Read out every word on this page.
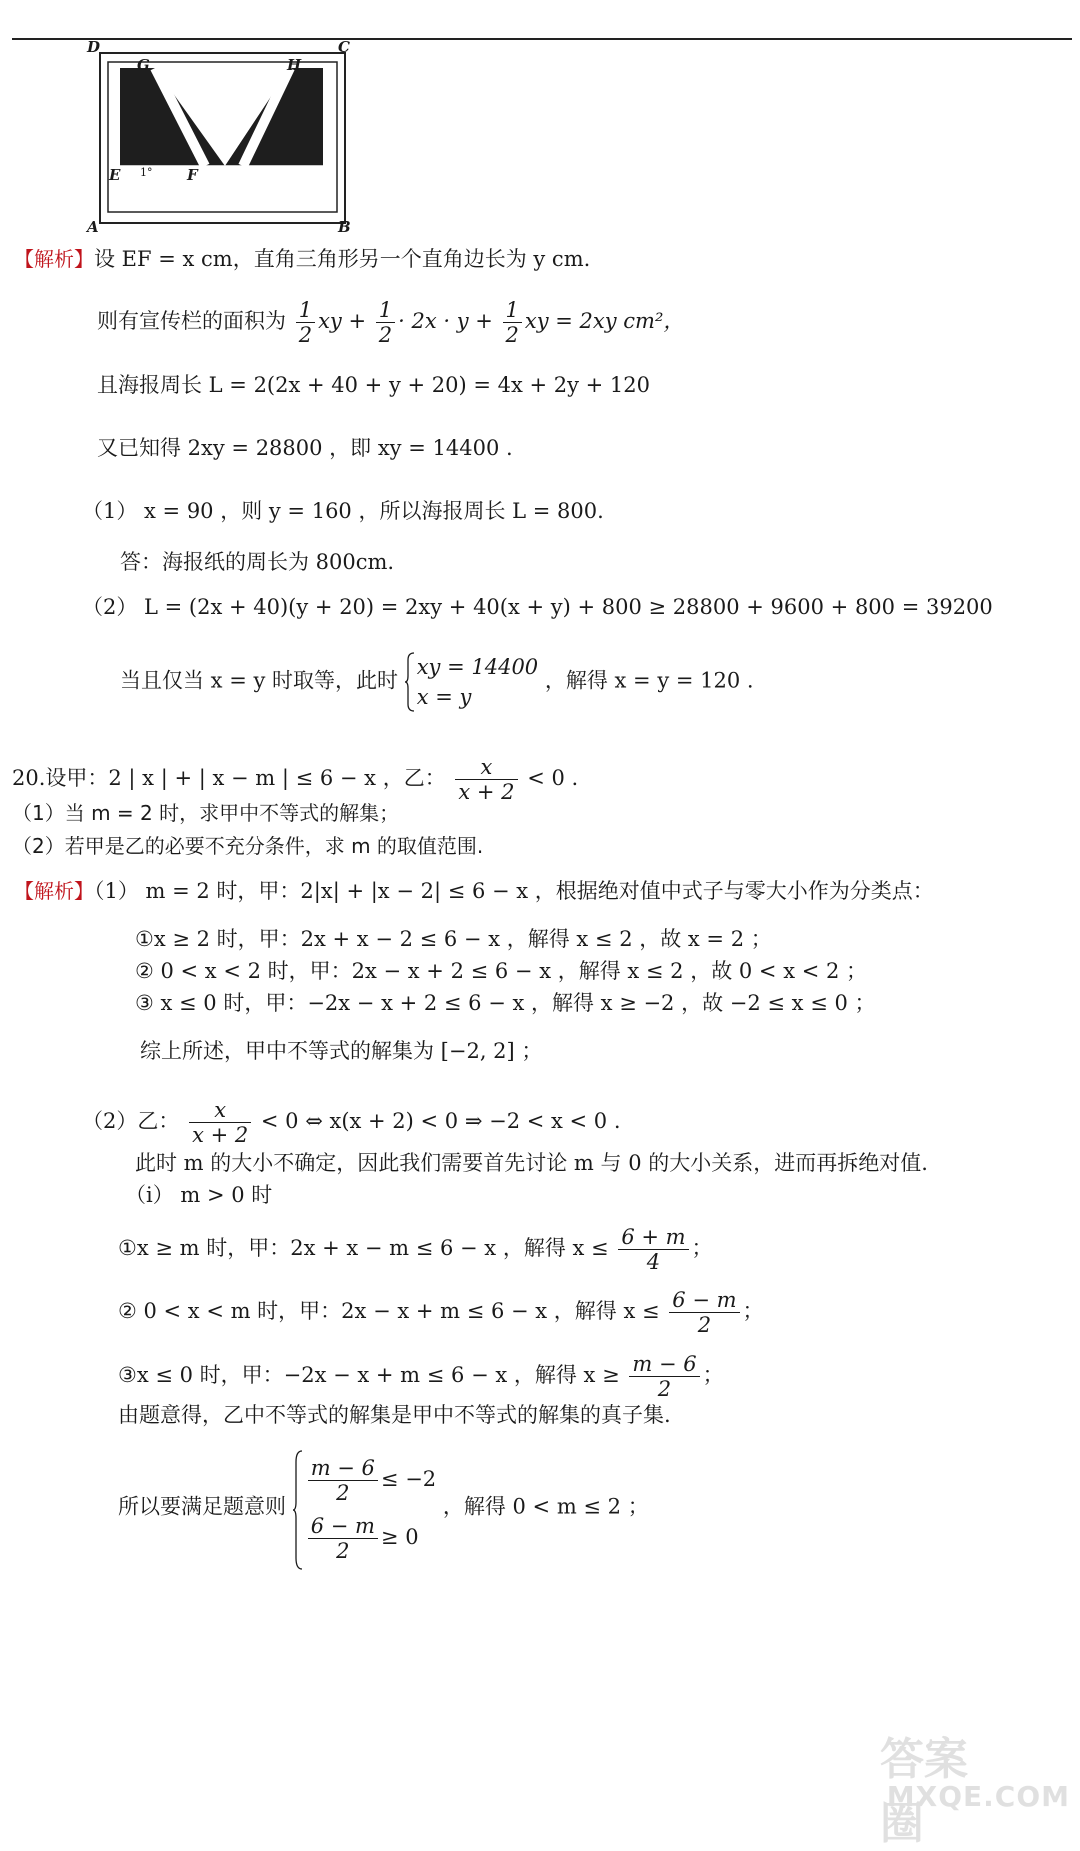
D	C
G	H
E 1° F
A	B
【解析】设 EF = x cm，直角三角形另一个直角边长为 y cm.
则有宣传栏的面积为 $\frac{1}{2}$ xy + $\frac{1}{2} \cdot 2x \cdot y + \frac{1}{2}$ xy = 2xy cm²，
且海报周长 L = 2(2x + 40 + y + 20) = 4x + 2y + 120
又已知得 2xy = 28800 ，即 xy = 14400 .
（1） x = 90 ，则 y = 160 ，所以海报周长 L = 800.
答：海报纸的周长为 800cm.
（2） L = (2x + 40)(y + 20) = 2xy + 40(x + y) + 800 ≥ 28800 + 9600 + 800 = 39200
当且仅当 x = y 时取等，此时
xy = 14400
x = y
，解得 x = y = 120 .
20.设甲：2 | x | + | x − m | ≤ 6 − x ，乙： $\frac{x}{x + 2} < 0$ .
（1）当 m = 2 时，求甲中不等式的解集；
（2）若甲是乙的必要不充分条件，求 m 的取值范围.
【解析】（1） m = 2 时，甲：2|x| + |x − 2| ≤ 6 − x ，根据绝对值中式子与零大小作为分类点：
①x ≥ 2 时，甲：2x + x − 2 ≤ 6 − x ，解得 x ≤ 2 ，故 x = 2 ；
② 0 < x < 2 时，甲：2x − x + 2 ≤ 6 − x ，解得 x ≤ 2 ，故 0 < x < 2 ；
③ x ≤ 0 时，甲：−2x − x + 2 ≤ 6 − x ，解得 x ≥ −2 ，故 −2 ≤ x ≤ 0 ；
综上所述，甲中不等式的解集为 [−2, 2] ；
（2）乙： $\frac{x}{x + 2} < 0$ ⇔ x(x + 2) < 0 ⇒ −2 < x < 0 .
此时 m 的大小不确定，因此我们需要首先讨论 m 与 0 的大小关系，进而再拆绝对值.
（i） m > 0 时
①x ≥ m 时，甲：2x + x − m ≤ 6 − x ，解得 $x \le \frac{6 + m}{4}$ ；
② 0 < x < m 时，甲：2x − x + m ≤ 6 − x ，解得 $x \le \frac{6 - m}{2}$ ；
③x ≤ 0 时，甲：−2x − x + m ≤ 6 − x ，解得 $x \ge \frac{m - 6}{2}$ ；
由题意得，乙中不等式的解集是甲中不等式的解集的真子集.
所以要满足题意则
$\frac{m - 6}{2} \le -2$
$\frac{6 - m}{2} \ge 0$
，解得 0 < m ≤ 2 ；
答案圈
MXQE.COM
